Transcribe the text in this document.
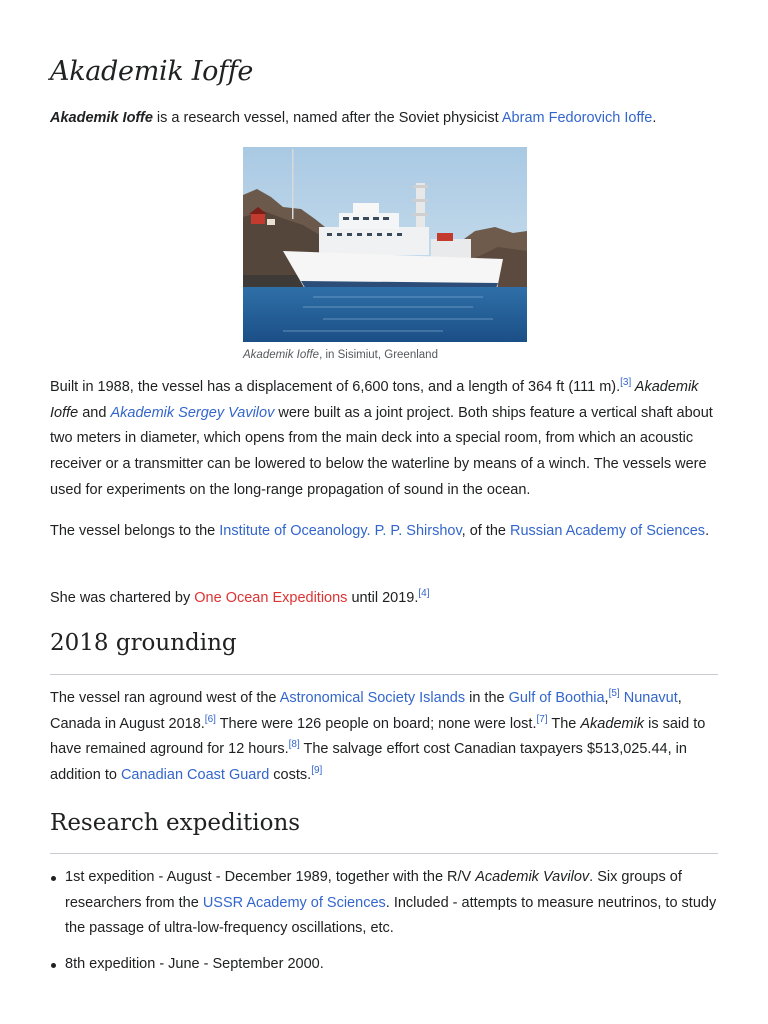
Akademik Ioffe

Akademik Ioffe is a research vessel, named after the Soviet physicist Abram Fedorovich Ioffe.

Akademik Ioffe, in Sisimiut, Greenland

Built in 1988, the vessel has a displacement of 6,600 tons, and a length of 364 ft (111 m).[3] Akademik Ioffe and Akademik Sergey Vavilov were built as a joint project. Both ships feature a vertical shaft about two meters in diameter, which opens from the main deck into a special room, from which an acoustic receiver or a transmitter can be lowered to below the waterline by means of a winch. The vessels were used for experiments on the long-range propagation of sound in the ocean.

The vessel belongs to the Institute of Oceanology. P. P. Shirshov, of the Russian Academy of Sciences.

She was chartered by One Ocean Expeditions until 2019.[4]

2018 grounding

The vessel ran aground west of the Astronomical Society Islands in the Gulf of Boothia,[5] Nunavut, Canada in August 2018.[6] There were 126 people on board; none were lost.[7] The Akademik is said to have remained aground for 12 hours.[8] The salvage effort cost Canadian taxpayers $513,025.44, in addition to Canadian Coast Guard costs.[9]

Research expeditions
1st expedition - August - December 1989, together with the R/V Academik Vavilov. Six groups of researchers from the USSR Academy of Sciences. Included - attempts to measure neutrinos, to study the passage of ultra-low-frequency oscillations, etc.
8th expedition - June - September 2000.
